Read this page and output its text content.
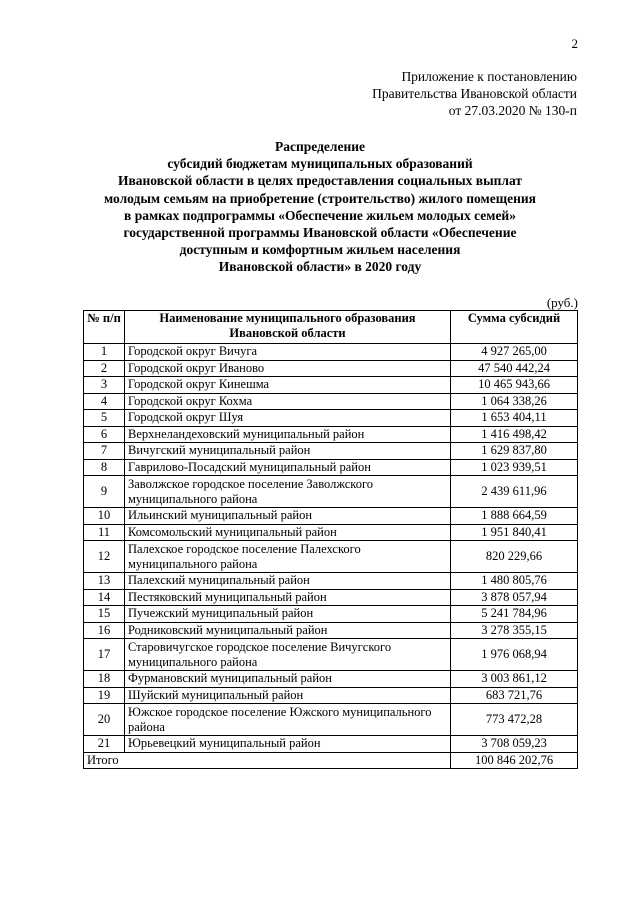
2
Приложение к постановлению
Правительства Ивановской области
от 27.03.2020 № 130-п
Распределение
субсидий бюджетам муниципальных образований
Ивановской области в целях предоставления социальных выплат
молодым семьям на приобретение (строительство) жилого помещения
в рамках подпрограммы «Обеспечение жильем молодых семей»
государственной программы Ивановской области «Обеспечение
доступным и комфортным жильем населения
Ивановской области» в 2020 году
(руб.)
№ п/п	Наименование муниципального образования Ивановской области	Сумма субсидий
1	Городской округ Вичуга	4 927 265,00
2	Городской округ Иваново	47 540 442,24
3	Городской округ Кинешма	10 465 943,66
4	Городской округ Кохма	1 064 338,26
5	Городской округ Шуя	1 653 404,11
6	Верхнеландеховский муниципальный район	1 416 498,42
7	Вичугский муниципальный район	1 629 837,80
8	Гаврилово-Посадский муниципальный район	1 023 939,51
9	Заволжское городское поселение Заволжского муниципального района	2 439 611,96
10	Ильинский муниципальный район	1 888 664,59
11	Комсомольский муниципальный район	1 951 840,41
12	Палехское городское поселение Палехского муниципального района	820 229,66
13	Палехский муниципальный район	1 480 805,76
14	Пестяковский муниципальный район	3 878 057,94
15	Пучежский муниципальный район	5 241 784,96
16	Родниковский муниципальный район	3 278 355,15
17	Старовичугское городское поселение Вичугского муниципального района	1 976 068,94
18	Фурмановский муниципальный район	3 003 861,12
19	Шуйский муниципальный район	683 721,76
20	Южское городское поселение Южского муниципального района	773 472,28
21	Юрьевецкий муниципальный район	3 708 059,23
Итого		100 846 202,76
